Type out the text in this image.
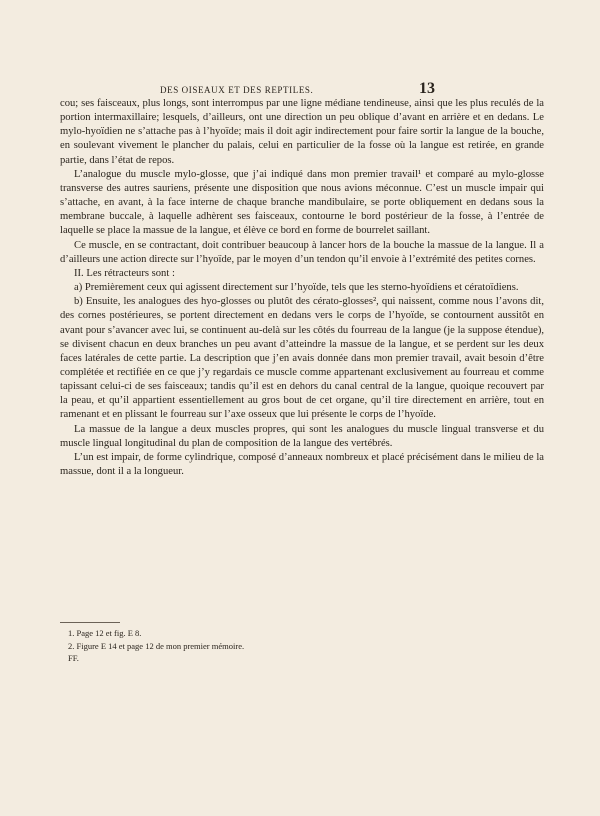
DES OISEAUX ET DES REPTILES.	13

cou; ses faisceaux, plus longs, sont interrompus par une ligne médiane tendineuse, ainsi que les plus reculés de la portion intermaxillaire; lesquels, d’ailleurs, ont une direction un peu oblique d’avant en arrière et en dedans. Le mylo-hyoïdien ne s’attache pas à l’hyoïde; mais il doit agir indirectement pour faire sortir la langue de la bouche, en soulevant vivement le plancher du palais, celui en particulier de la fosse où la langue est retirée, en grande partie, dans l’état de repos.

L’analogue du muscle mylo-glosse, que j’ai indiqué dans mon premier travail¹ et comparé au mylo-glosse transverse des autres sauriens, présente une disposition que nous avions méconnue. C’est un muscle impair qui s’attache, en avant, à la face interne de chaque branche mandibulaire, se porte obliquement en dedans sous la membrane buccale, à laquelle adhèrent ses faisceaux, contourne le bord postérieur de la fosse, à l’entrée de laquelle se place la massue de la langue, et élève ce bord en forme de bourrelet saillant.

Ce muscle, en se contractant, doit contribuer beaucoup à lancer hors de la bouche la massue de la langue. Il a d’ailleurs une action directe sur l’hyoïde, par le moyen d’un tendon qu’il envoie à l’extrémité des petites cornes.

II. Les rétracteurs sont :

a) Premièrement ceux qui agissent directement sur l’hyoïde, tels que les sterno-hyoïdiens et cératoïdiens.

b) Ensuite, les analogues des hyo-glosses ou plutôt des cérato-glosses², qui naissent, comme nous l’avons dit, des cornes postérieures, se portent directement en dedans vers le corps de l’hyoïde, se contournent aussitôt en avant pour s’avancer avec lui, se continuent au-delà sur les côtés du fourreau de la langue (je la suppose étendue), se divisent chacun en deux branches un peu avant d’atteindre la massue de la langue, et se perdent sur les deux faces latérales de cette partie. La description que j’en avais donnée dans mon premier travail, avait besoin d’être complétée et rectifiée en ce que j’y regardais ce muscle comme appartenant exclusivement au fourreau et comme tapissant celui-ci de ses faisceaux; tandis qu’il est en dehors du canal central de la langue, quoique recouvert par la peau, et qu’il appartient essentiellement au gros bout de cet organe, qu’il tire directement en arrière, tout en ramenant et en plissant le fourreau sur l’axe osseux que lui présente le corps de l’hyoïde.

La massue de la langue a deux muscles propres, qui sont les analogues du muscle lingual transverse et du muscle lingual longitudinal du plan de composition de la langue des vertébrés.

L’un est impair, de forme cylindrique, composé d’anneaux nombreux et placé précisément dans le milieu de la massue, dont il a la longueur.

1. Page 12 et fig. E 8.
2. Figure E 14 et page 12 de mon premier mémoire.
FF.
